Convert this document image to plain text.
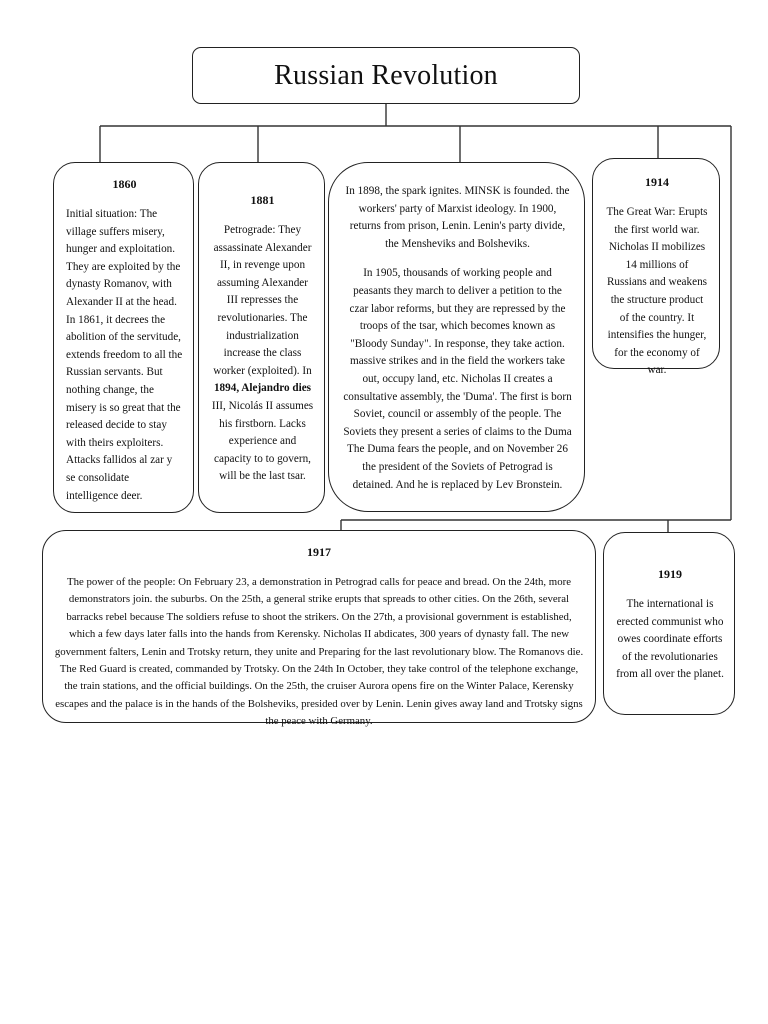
Russian Revolution
1860
Initial situation: The village suffers misery, hunger and exploitation. They are exploited by the dynasty Romanov, with Alexander II at the head. In 1861, it decrees the abolition of the servitude, extends freedom to all the Russian servants. But nothing change, the misery is so great that the released decide to stay with theirs exploiters. Attacks fallidos al zar y se consolidate intelligence deer.
1881
Petrograde: They assassinate Alexander II, in revenge upon assuming Alexander III represses the revolutionaries. The industrialization increase the class worker (exploited). In 1894, Alejandro dies III, Nicolás II assumes his firstborn. Lacks experience and capacity to to govern, will be the last tsar.

In 1898, the spark ignites. MINSK is founded. the workers' party of Marxist ideology. In 1900, returns from prison, Lenin. Lenin's party divide, the Mensheviks and Bolsheviks.

In 1905, thousands of working people and peasants they march to deliver a petition to the czar labor reforms, but they are repressed by the troops of the tsar, which becomes known as "Bloody Sunday". In response, they take action. massive strikes and in the field the workers take out, occupy land, etc. Nicholas II creates a consultative assembly, the 'Duma'. The first is born Soviet, council or assembly of the people. The Soviets they present a series of claims to the Duma The Duma fears the people, and on November 26 the president of the Soviets of Petrograd is detained. And he is replaced by Lev Bronstein.

1914
The Great War: Erupts the first world war. Nicholas II mobilizes 14 millions of Russians and weakens the structure product of the country. It intensifies the hunger, for the economy of war.
1917
The power of the people: On February 23, a demonstration in Petrograd calls for peace and bread. On the 24th, more demonstrators join. the suburbs. On the 25th, a general strike erupts that spreads to other cities. On the 26th, several barracks rebel because The soldiers refuse to shoot the strikers. On the 27th, a provisional government is established, which a few days later falls into the hands from Kerensky. Nicholas II abdicates, 300 years of dynasty fall. The new government falters, Lenin and Trotsky return, they unite and Preparing for the last revolutionary blow. The Romanovs die. The Red Guard is created, commanded by Trotsky. On the 24th In October, they take control of the telephone exchange, the train stations, and the official buildings. On the 25th, the cruiser Aurora opens fire on the Winter Palace, Kerensky escapes and the palace is in the hands of the Bolsheviks, presided over by Lenin. Lenin gives away land and Trotsky signs the peace with Germany.
1919
The international is erected communist who owes coordinate efforts of the revolutionaries from all over the planet.
